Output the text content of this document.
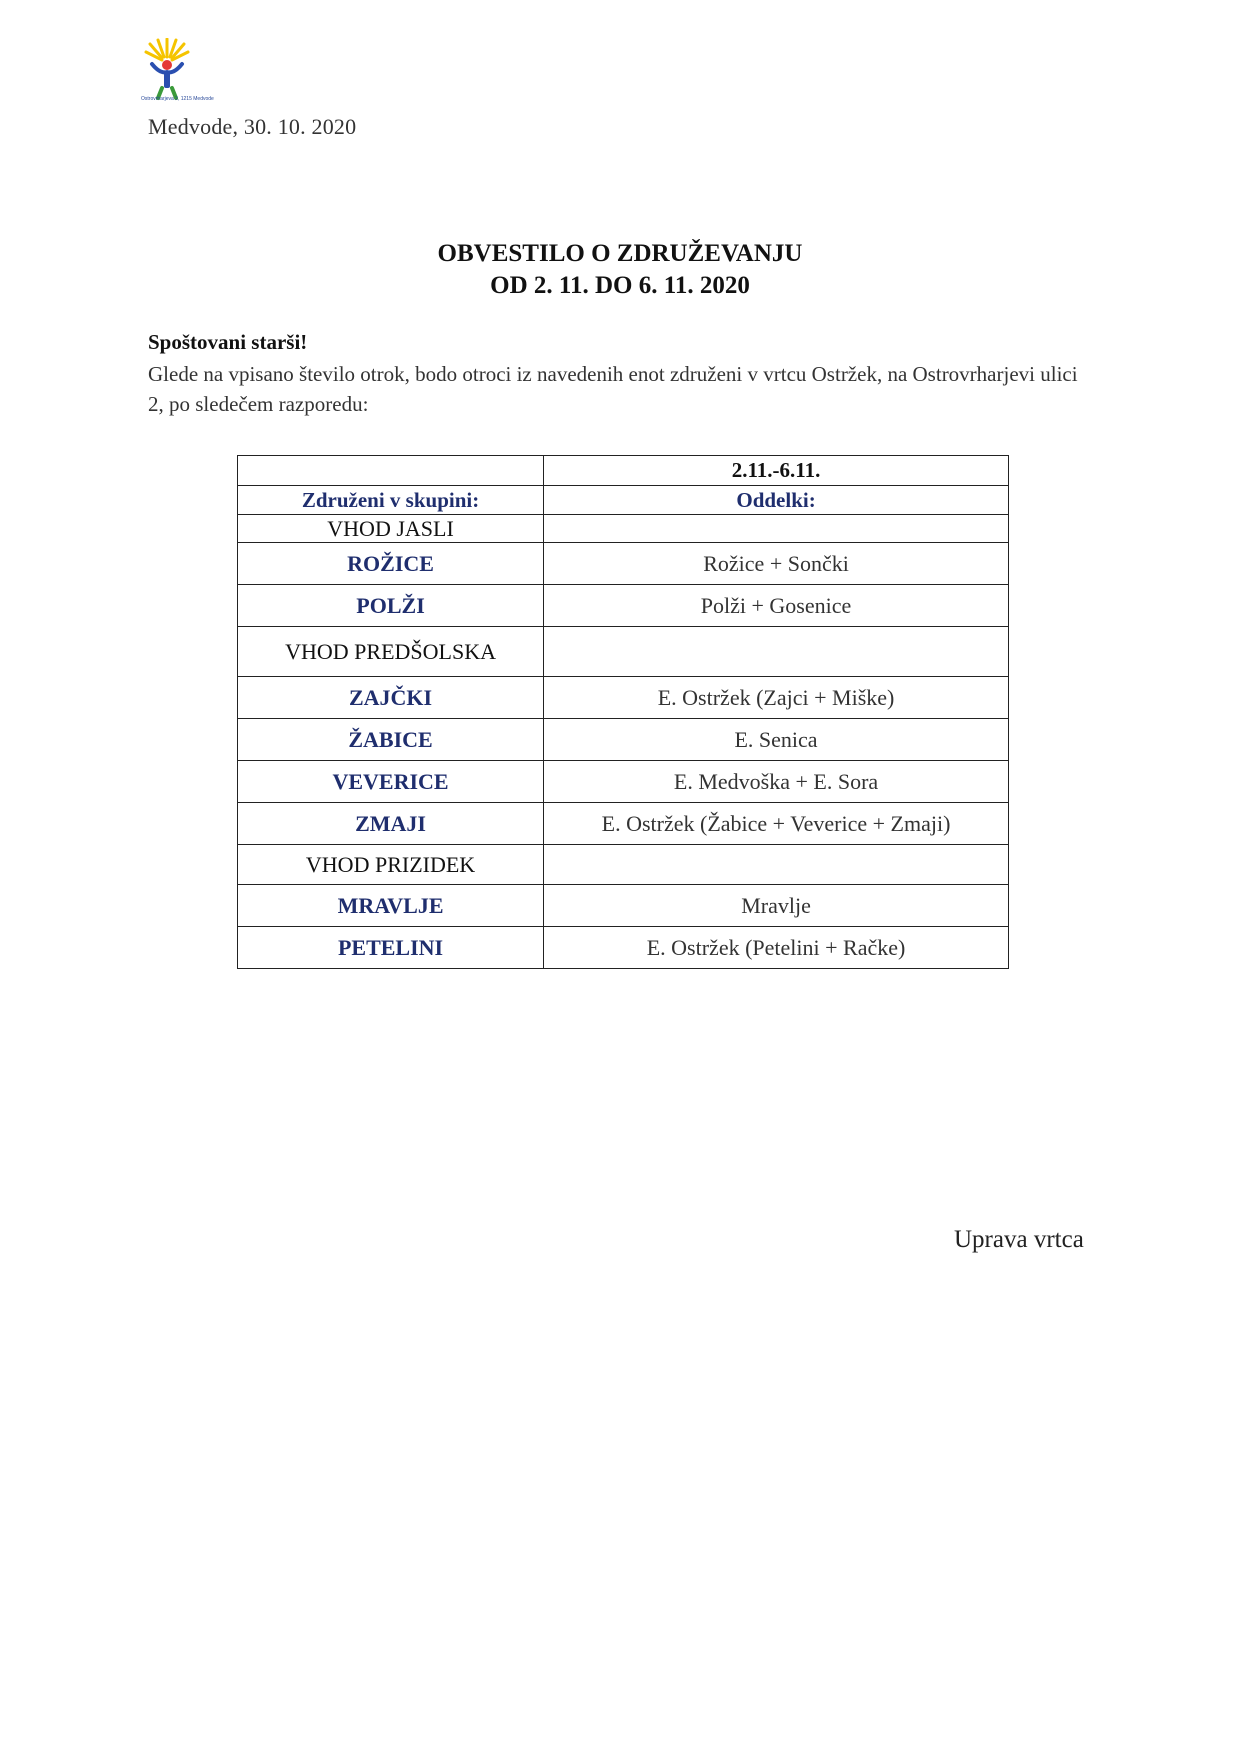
Ostrovrharjeva 2, 1215 Medvode
Medvode, 30. 10. 2020
OBVESTILO O ZDRUŽEVANJU
OD 2. 11. DO 6. 11. 2020
Spoštovani starši!
Glede na vpisano število otrok, bodo otroci iz navedenih enot združeni v vrtcu Ostržek, na Ostrovrharjevi ulici 2, po sledečem razporedu:
	2.11.-6.11.
Združeni v skupini:	Oddelki:
VHOD JASLI	
ROŽICE	Rožice + Sončki
POLŽI	Polži + Gosenice
VHOD PREDŠOLSKA	
ZAJČKI	E. Ostržek (Zajci + Miške)
ŽABICE	E. Senica
VEVERICE	E. Medvoška + E. Sora
ZMAJI	E. Ostržek (Žabice + Veverice + Zmaji)
VHOD PRIZIDEK	
MRAVLJE	Mravlje
PETELINI	E. Ostržek (Petelini + Račke)
Uprava vrtca
